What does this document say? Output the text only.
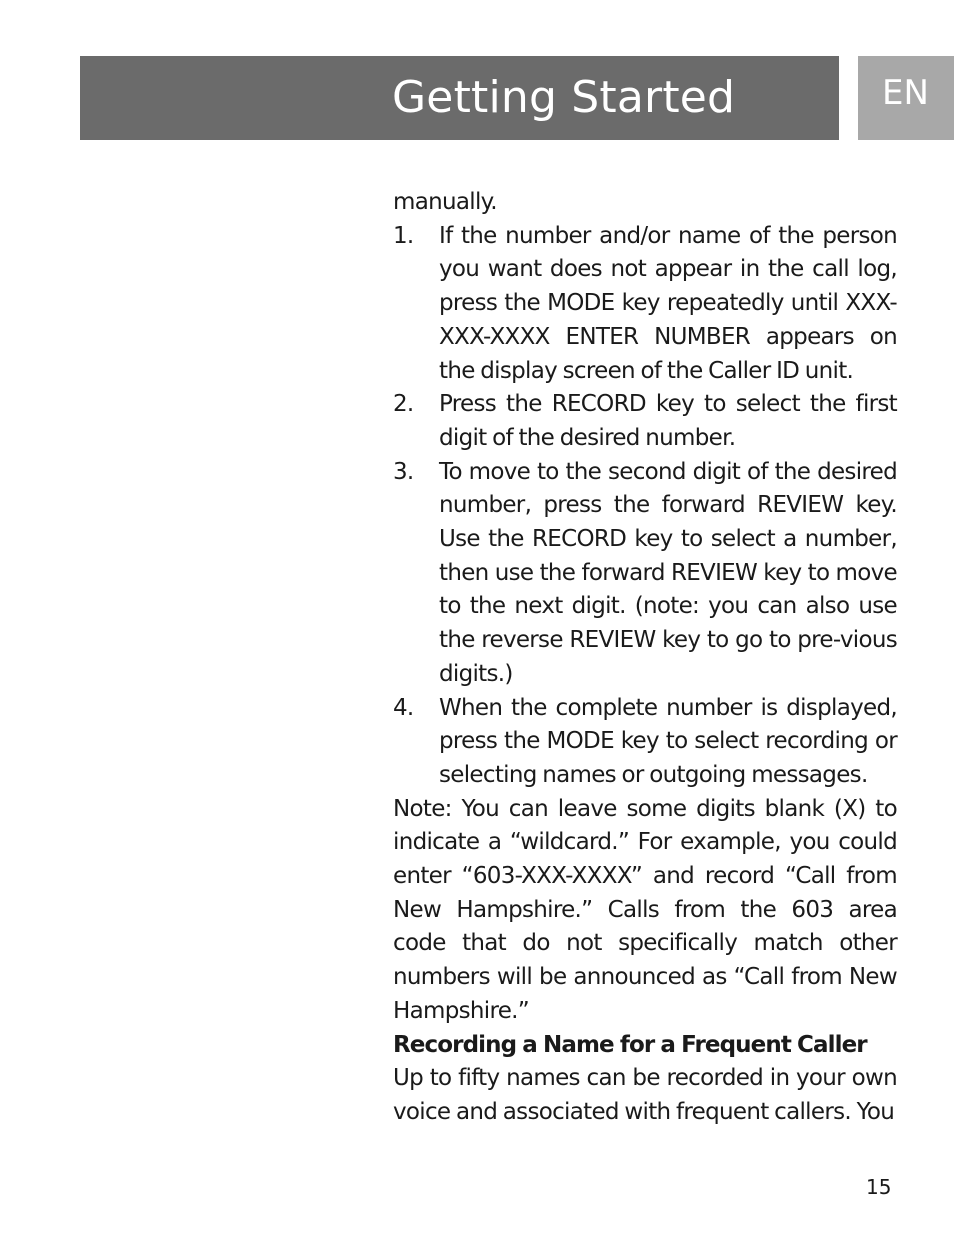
Getting Started	EN

manually.

1. If the number and/or name of the person you want does not appear in the call log, press the MODE key repeatedly until XXX-XXX-XXXX ENTER NUMBER appears on the display screen of the Caller ID unit.
2. Press the RECORD key to select the first digit of the desired number.
3. To move to the second digit of the desired number, press the forward REVIEW key. Use the RECORD key to select a number, then use the forward REVIEW key to move to the next digit. (note: you can also use the reverse REVIEW key to go to pre-vious digits.)
4. When the complete number is displayed, press the MODE key to select recording or selecting names or outgoing messages.

Note: You can leave some digits blank (X) to indicate a “wildcard.” For example, you could enter “603-XXX-XXXX” and record “Call from New Hampshire.” Calls from the 603 area code that do not specifically match other numbers will be announced as “Call from New Hampshire.”

Recording a Name for a Frequent Caller

Up to fifty names can be recorded in your own voice and associated with frequent callers. You

15
